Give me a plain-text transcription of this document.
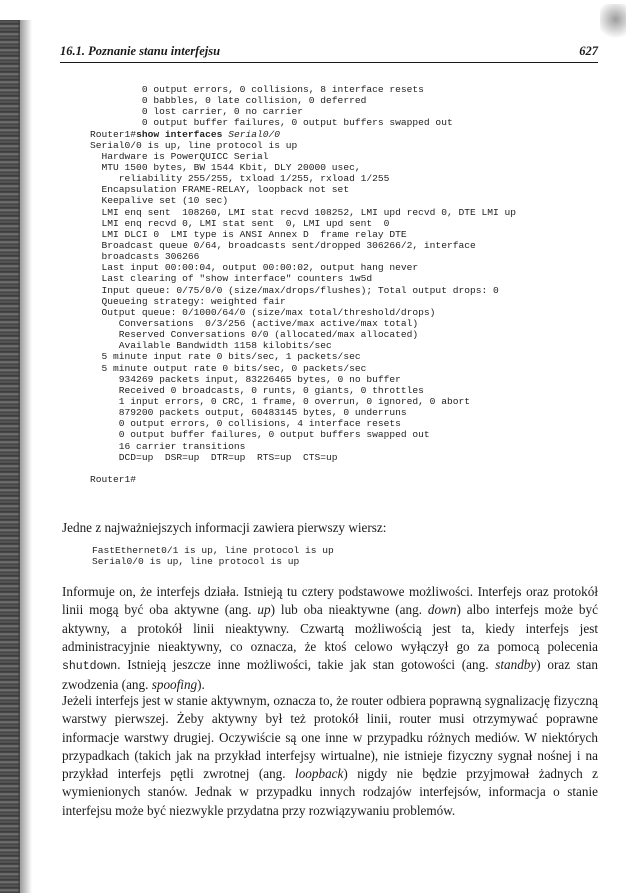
16.1. Poznanie stanu interfejsu	627
0 output errors, 0 collisions, 8 interface resets
0 babbles, 0 late collision, 0 deferred
0 lost carrier, 0 no carrier
0 output buffer failures, 0 output buffers swapped out
Router1#show interfaces Serial0/0
Serial0/0 is up, line protocol is up
Hardware is PowerQUICC Serial
MTU 1500 bytes, BW 1544 Kbit, DLY 20000 usec,
reliability 255/255, txload 1/255, rxload 1/255
Encapsulation FRAME-RELAY, loopback not set
Keepalive set (10 sec)
LMI enq sent  108260, LMI stat recvd 108252, LMI upd recvd 0, DTE LMI up
LMI enq recvd 0, LMI stat sent  0, LMI upd sent  0
LMI DLCI 0  LMI type is ANSI Annex D  frame relay DTE
Broadcast queue 0/64, broadcasts sent/dropped 306266/2, interface
broadcasts 306266
Last input 00:00:04, output 00:00:02, output hang never
Last clearing of "show interface" counters 1w5d
Input queue: 0/75/0/0 (size/max/drops/flushes); Total output drops: 0
Queueing strategy: weighted fair
Output queue: 0/1000/64/0 (size/max total/threshold/drops)
Conversations  0/3/256 (active/max active/max total)
Reserved Conversations 0/0 (allocated/max allocated)
Available Bandwidth 1158 kilobits/sec
5 minute input rate 0 bits/sec, 1 packets/sec
5 minute output rate 0 bits/sec, 0 packets/sec
934269 packets input, 83226465 bytes, 0 no buffer
Received 0 broadcasts, 0 runts, 0 giants, 0 throttles
1 input errors, 0 CRC, 1 frame, 0 overrun, 0 ignored, 0 abort
879200 packets output, 60483145 bytes, 0 underruns
0 output errors, 0 collisions, 4 interface resets
0 output buffer failures, 0 output buffers swapped out
16 carrier transitions
DCD=up  DSR=up  DTR=up  RTS=up  CTS=up
Router1#

Jedne z najważniejszych informacji zawiera pierwszy wiersz:

FastEthernet0/1 is up, line protocol is up
Serial0/0 is up, line protocol is up

Informuje on, że interfejs działa. Istnieją tu cztery podstawowe możliwości. Interfejs oraz protokół linii mogą być oba aktywne (ang. up) lub oba nieaktywne (ang. down) albo interfejs może być aktywny, a protokół linii nieaktywny. Czwartą możliwością jest ta, kiedy interfejs jest administracyjnie nieaktywny, co oznacza, że ktoś celowo wyłączył go za pomocą polecenia shutdown. Istnieją jeszcze inne możliwości, takie jak stan gotowości (ang. standby) oraz stan zwodzenia (ang. spoofing).

Jeżeli interfejs jest w stanie aktywnym, oznacza to, że router odbiera poprawną sygnalizację fizyczną warstwy pierwszej. Żeby aktywny był też protokół linii, router musi otrzymywać poprawne informacje warstwy drugiej. Oczywiście są one inne w przypadku różnych mediów. W niektórych przypadkach (takich jak na przykład interfejsy wirtualne), nie istnieje fizyczny sygnał nośnej i na przykład interfejs pętli zwrotnej (ang. loopback) nigdy nie będzie przyjmował żadnych z wymienionych stanów. Jednak w przypadku innych rodzajów interfejsów, informacja o stanie interfejsu może być niezwykle przydatna przy rozwiązywaniu problemów.
